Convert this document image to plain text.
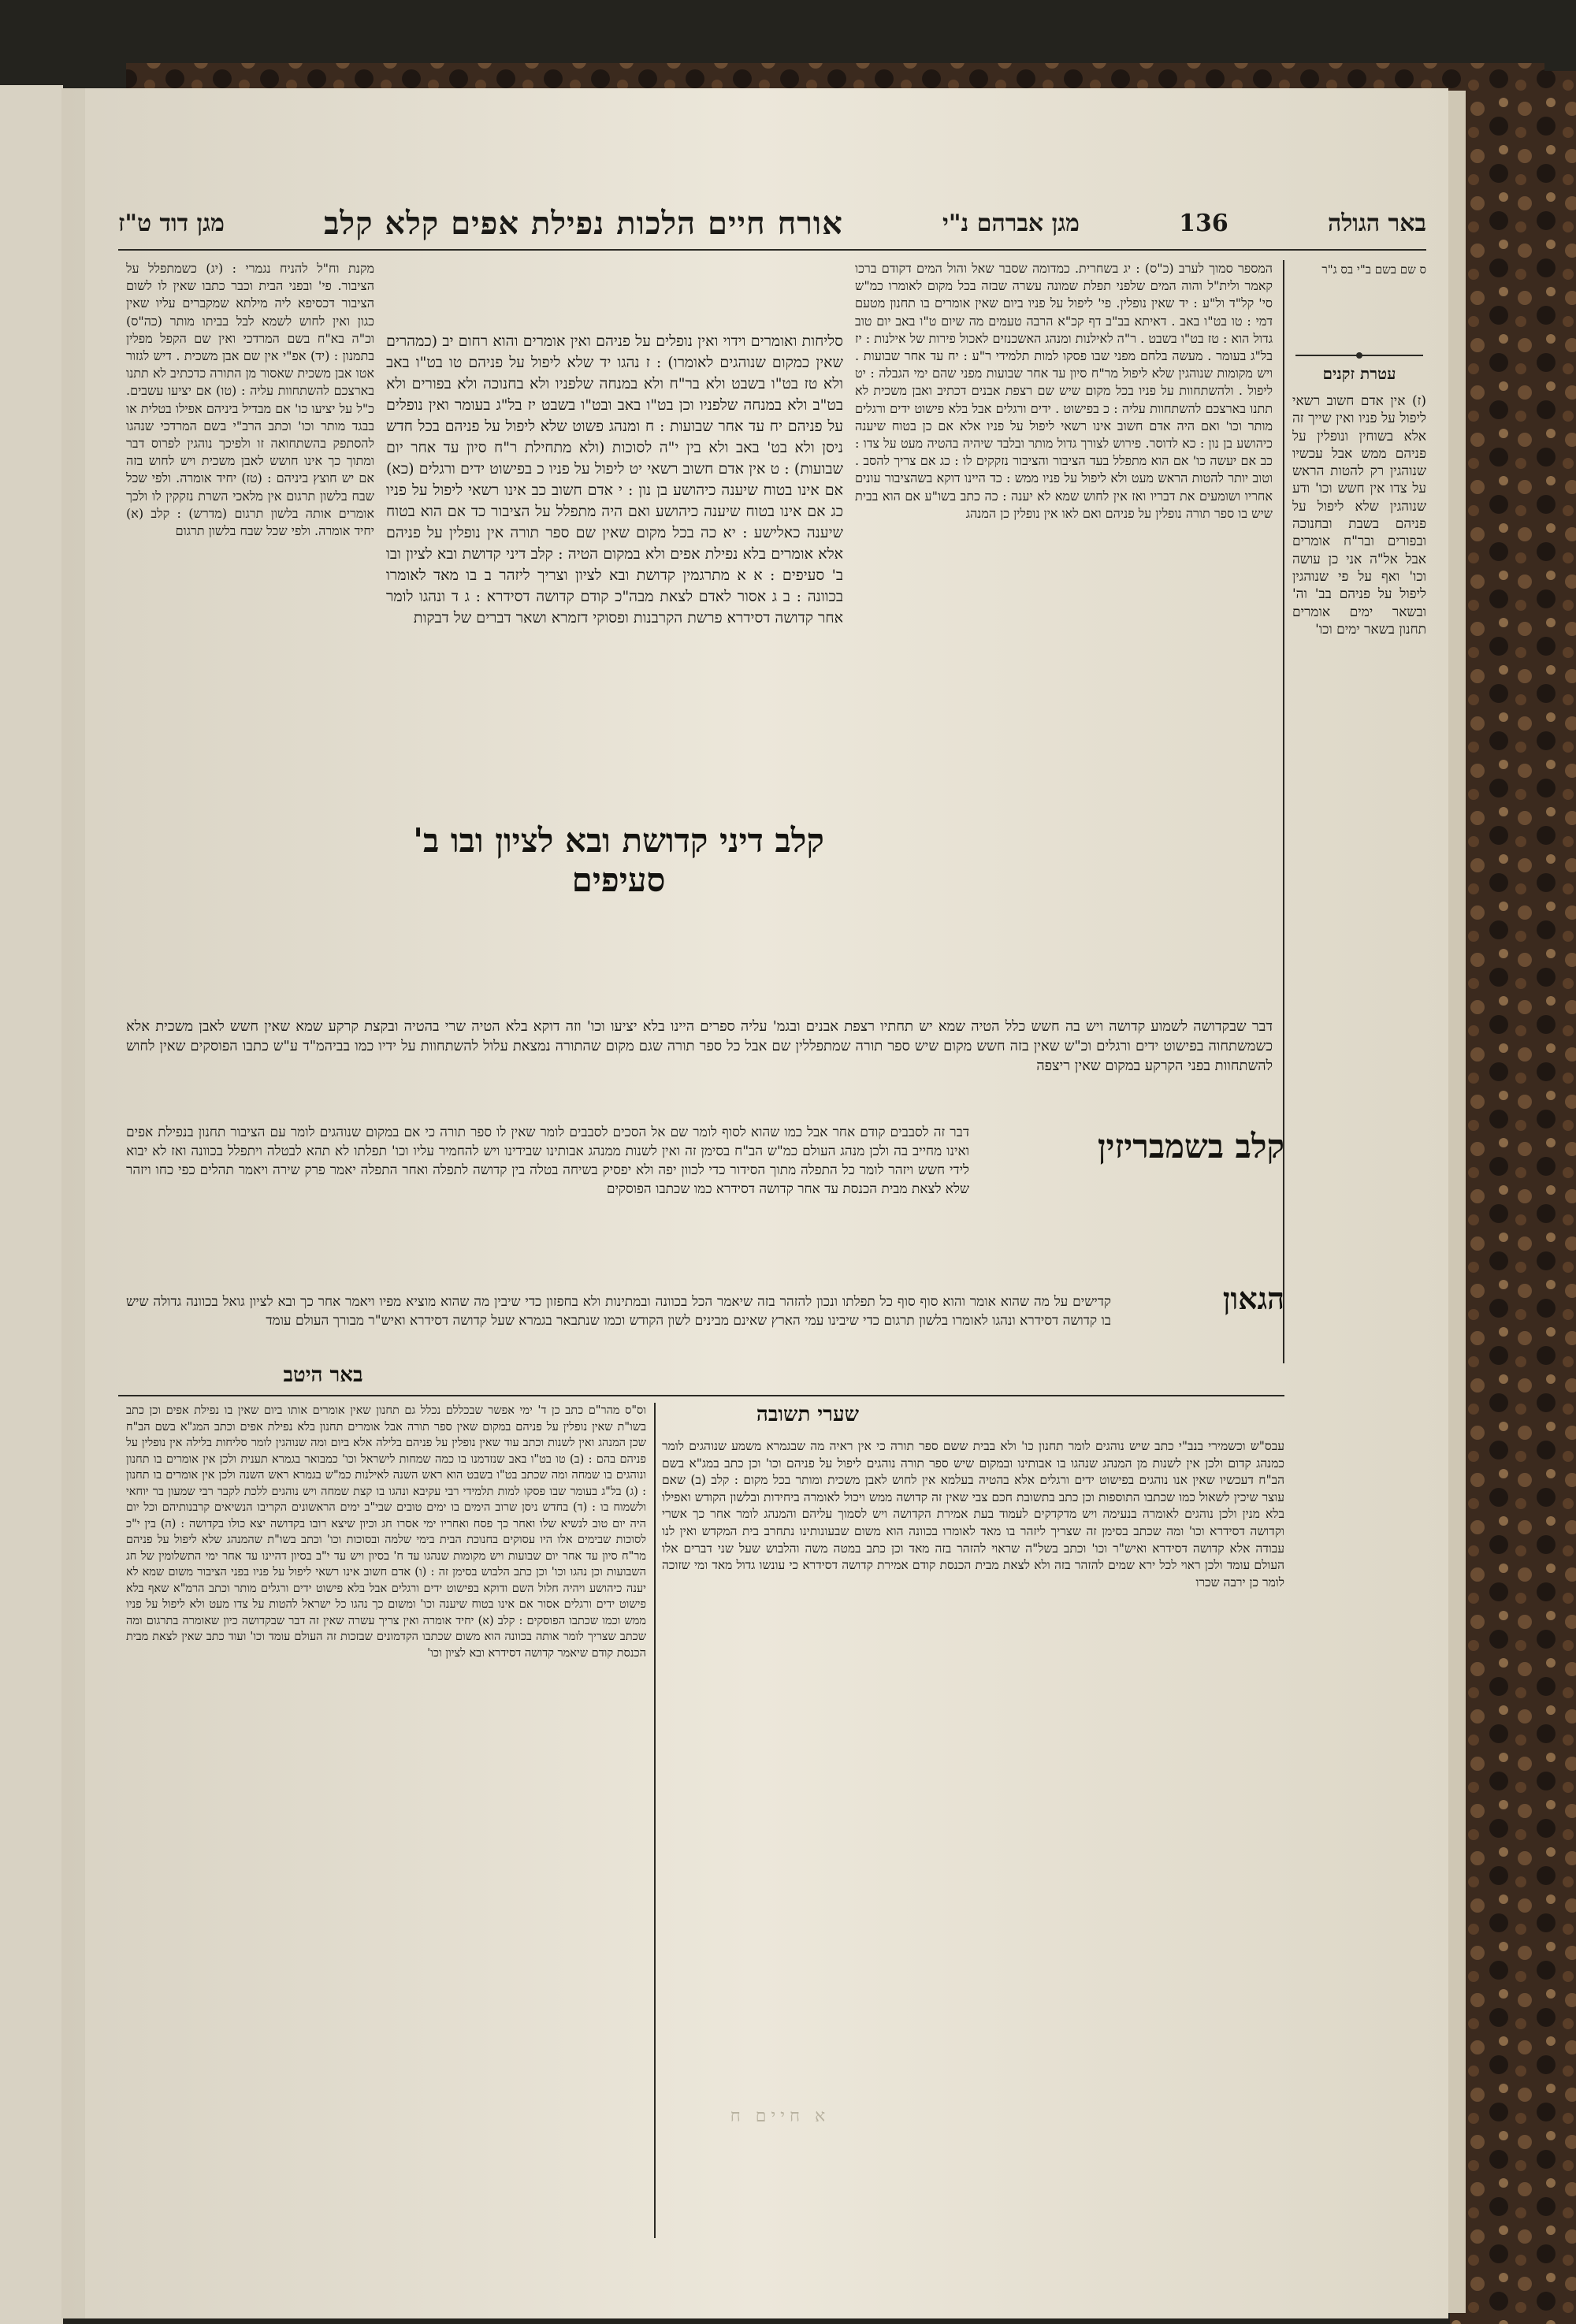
באר הגולה
136
מגן אברהם נ"י
אורח חיים הלכות נפילת אפים קלא קלב
מגן דוד ט"ז
ס שם בשם ב"י בס ג"ר
עטרת זקנים
(ז) אין אדם חשוב רשאי ליפול על פניו ואין שייך זה אלא בשוחין ונופלין על פניהם ממש אבל עכשיו שנוהגין רק להטות הראש על צדו אין חשש וכו' ודע שנוהגין שלא ליפול על פניהם בשבת ובחנוכה ובפורים ובר"ח אומרים אבל אל"ה אני כן עושה וכו' ואף על פי שנוהגין ליפול על פניהם בב' וה' ובשאר ימים אומרים תחנון בשאר ימים וכו'
המספר סמוך לערב (כ"ס) : יג בשחרית. כמדומה שסבר שאל והול המים דקודם ברכו קאמר ולית"ל והוה המים שלפני תפלת שמונה עשרה שבזה בכל מקום לאומרו כמ"ש סי' קל"ד ול"ע : יד שאין נופלין. פי' ליפול על פניו ביום שאין אומרים בו תחנון מטעם דמי : טו בט"ו באב . דאיתא בב"ב דף קכ"א הרבה טעמים מה שיום ט"ו באב יום טוב גדול הוא : טז בט"ו בשבט . ר"ה לאילנות ומנהג האשכנזים לאכול פירות של אילנות : יז בל"ג בעומר . מעשה בלחם מפני שבו פסקו למות תלמידי ר"ע : יח עד אחר שבועות . ויש מקומות שנוהגין שלא ליפול מר"ח סיון עד אחר שבועות מפני שהם ימי הגבלה : יט ליפול . ולהשתחוות על פניו בכל מקום שיש שם רצפת אבנים דכתיב ואבן משכית לא תתנו בארצכם להשתחוות עליה : כ בפישוט . ידים ורגלים אבל בלא פישוט ידים ורגלים מותר וכו' ואם היה אדם חשוב אינו רשאי ליפול על פניו אלא אם כן בטוח שיענה כיהושע בן נון : כא לדוסר. פירוש לצורך גדול מותר ובלבד שיהיה בהטיה מעט על צדו : כב אם יעשה כו' אם הוא מתפלל בעד הציבור והציבור נזקקים לו : כג אם צריך להסב . וטוב יותר להטות הראש מעט ולא ליפול על פניו ממש : כד היינו דוקא בשהציבור עונים אחריו ושומעים את דבריו ואז אין לחוש שמא לא יענה : כה כתב בשו"ע אם הוא בבית שיש בו ספר תורה נופלין על פניהם ואם לאו אין נופלין כן המנהג
סליחות ואומרים וידוי ואין נופלים על פניהם ואין אומרים והוא רחום יב (כמהרים שאין כמקום שנוהגים לאומרו) : ז נהגו יד שלא ליפול על פניהם טו בט"ו באב ולא טז בט"ו בשבט ולא בר"ח ולא במנחה שלפניו ולא בחנוכה ולא בפורים ולא בט"ב ולא במנחה שלפניו וכן בט"ו באב ובט"ו בשבט יז בל"ג בעומר ואין נופלים על פניהם יח עד אחר שבועות : ח ומנהג פשוט שלא ליפול על פניהם בכל חדש ניסן ולא בט' באב ולא בין י"ה לסוכות (ולא מתחילת ר"ח סיון עד אחר יום שבועות) : ט אין אדם חשוב רשאי יט ליפול על פניו כ בפישוט ידים ורגלים (כא) אם אינו בטוח שיענה כיהושע בן נון : י אדם חשוב כב אינו רשאי ליפול על פניו כג אם אינו בטוח שיענה כיהושע ואם היה מתפלל על הציבור כד אם הוא בטוח שיענה כאלישע : יא כה בכל מקום שאין שם ספר תורה אין נופלין על פניהם אלא אומרים בלא נפילת אפים ולא במקום הטיה : קלב דיני קדושת ובא לציון ובו ב' סעיפים : א א מתרגמין קדושת ובא לציון וצריך ליזהר ב בו מאד לאומרו בכוונה : ב ג אסור לאדם לצאת מבה"כ קודם קדושה דסידרא : ג ד ונהגו לומר אחר קדושה דסידרא פרשת הקרבנות ופסוקי דזמרא ושאר דברים של דבקות
מקנת וח"ל להניח נגמרי : (יג) כשמתפלל על הציבור. פי' ובפני הבית וכבר כתבו שאין לו לשום הציבור דכסיפא ליה מילתא שמקברים עליו שאין כגון ואין לחוש לשמא לבל בביתו מותר (כה"ס) וכ"ה בא"ח בשם המרדכי ואין שם הקפל מפלין בתמנון : (יד) אפ"י אין שם אבן משכית . דיש לגזור אטו אבן משכית שאסור מן התורה כדכתיב לא תתנו בארצכם להשתחוות עליה : (טו) אם יציעו עשבים. כ"ל על יציעו כו' אם מבדיל ביניהם אפילו בטלית או בבגד מותר וכו' וכתב הרב"י בשם המרדכי שנהגו להסתפק בהשתחואה זו ולפיכך נוהגין לפרוס דבר ומתוך כך אינו חושש לאבן משכית ויש לחוש בזה אם יש חוצץ ביניהם : (טז) יחיד אומרה. ולפי שכל שבח בלשון תרגום אין מלאכי השרת נזקקין לו ולכך אומרים אותה בלשון תרגום (מדרש) : קלב (א) יחיד אומרה. ולפי שכל שבח בלשון תרגום
קלב דיני קדושת ובא לציון ובו ב' סעיפים
דבר שבקדושה לשמוע קדושה ויש בה חשש כלל הטיה שמא יש תחתיו רצפת אבנים ובגמ' עליה ספרים היינו בלא יציעו וכו' וזה דוקא בלא הטיה שרי בהטיה ובקצת קרקע שמא שאין חשש לאבן משכית אלא כשמשתחוה בפישוט ידים ורגלים וכ"ש שאין בזה חשש מקום שיש ספר תורה שמתפללין שם אבל כל ספר תורה שגם מקום שהתורה נמצאת עלול להשתחוות על ידיו כמו בביהמ"ד ע"ש כתבו הפוסקים שאין לחוש להשתחוות בפני הקרקע במקום שאין ריצפה
קלב בשמבריזין
דבר זה לסבבים קודם אחר אבל כמו שהוא לסוף לומר שם אל הסכים לסבבים לומר שאין לו ספר תורה כי אם במקום שנוהגים לומר עם הציבור תחנון בנפילת אפים ואינו מחייב בה ולכן מנהג העולם כמ"ש הב"ח בסימן זה ואין לשנות ממנהג אבותינו שבידינו ויש להחמיר עליו וכו' תפלתו לא תהא לבטלה ויתפלל בכוונה ואז לא יבוא לידי חשש ויזהר לומר כל התפלה מתוך הסידור כדי לכוון יפה ולא יפסיק בשיחה בטלה בין קדושה לתפלה ואחר התפלה יאמר פרק שירה ויאמר תהלים כפי כחו ויזהר שלא לצאת מבית הכנסת עד אחר קדושה דסידרא כמו שכתבו הפוסקים
הגאון
קדישים על מה שהוא אומר והוא סוף סוף כל תפלתו ונכון להזהר בזה שיאמר הכל בכוונה ובמתינות ולא בחפזון כדי שיבין מה שהוא מוציא מפיו ויאמר אחר כך ובא לציון גואל בכוונה גדולה שיש בו קדושה דסידרא ונהגו לאומרו בלשון תרגום כדי שיבינו עמי הארץ שאינם מבינים לשון הקודש וכמו שנתבאר בגמרא שעל קדושה דסידרא ואיש"ר מבורך העולם עומד
שערי תשובה
באר היטב
עבס"ש וכשמירי בנב"י כתב שיש נוהגים לומר תחנון כו' ולא בבית ששם ספר תורה כי אין ראיה מה שבגמרא משמע שנוהגים לומר כמנהג קדום ולכן אין לשנות מן המנהג שנהגו בו אבותינו ובמקום שיש ספר תורה נוהגים ליפול על פניהם וכו' וכן כתב במג"א בשם הב"ח דעכשיו שאין אנו נוהגים בפישוט ידים ורגלים אלא בהטיה בעלמא אין לחוש לאבן משכית ומותר בכל מקום : קלב (ב) שאם עוצר שיכין לשאול כמו שכתבו התוספות וכן כתב בתשובת חכם צבי שאין זה קדושה ממש ויכול לאומרה ביחידות ובלשון הקודש ואפילו בלא מנין ולכן נוהגים לאומרה בנעימה ויש מדקדקים לעמוד בעת אמירת הקדושה ויש לסמוך עליהם והמנהג לומר אחר כך אשרי וקדושה דסידרא וכו' ומה שכתב בסימן זה שצריך ליזהר בו מאד לאומרו בכוונה הוא משום שבעונותינו נתחרב בית המקדש ואין לנו עבודה אלא קדושה דסידרא ואיש"ר וכו' וכתב בשל"ה שראוי להזהר בזה מאד וכן כתב במטה משה והלבוש שעל שני דברים אלו העולם עומד ולכן ראוי לכל ירא שמים להזהר בזה ולא לצאת מבית הכנסת קודם אמירת קדושה דסידרא כי עונשו גדול מאד ומי שזוכה לומר כן ירבה שכרו
וס"ס מהר"ם כתב כן ד' ימי אפשר שבכללם נכלל גם תחנון שאין אומרים אותו ביום שאין בו נפילת אפים וכן כתב בשו"ת שאין נופלין על פניהם במקום שאין ספר תורה אבל אומרים תחנון בלא נפילת אפים וכתב המג"א בשם הב"ח שכן המנהג ואין לשנות וכתב עוד שאין נופלין על פניהם בלילה אלא ביום ומה שנוהגין לומר סליחות בלילה אין נופלין על פניהם בהם : (ב) טו בט"ו באב שנזדמנו בו כמה שמחות לישראל וכו' כמבואר בגמרא תענית ולכן אין אומרים בו תחנון ונוהגים בו שמחה ומה שכתב בט"ו בשבט הוא ראש השנה לאילנות כמ"ש בגמרא ראש השנה ולכן אין אומרים בו תחנון : (ג) בל"ג בעומר שבו פסקו למות תלמידי רבי עקיבא ונהגו בו קצת שמחה ויש נוהגים ללכת לקבר רבי שמעון בר יוחאי ולשמוח בו : (ד) בחדש ניסן שרוב הימים בו ימים טובים שבי"ב ימים הראשונים הקריבו הנשיאים קרבנותיהם וכל יום היה יום טוב לנשיא שלו ואחר כך פסח ואחריו ימי אסרו חג וכיון שיצא רובו בקדושה יצא כולו בקדושה : (ה) בין י"כ לסוכות שבימים אלו היו עסוקים בחנוכת הבית בימי שלמה ובסוכות וכו' וכתב בשו"ת שהמנהג שלא ליפול על פניהם מר"ח סיון עד אחר יום שבועות ויש מקומות שנהגו עד ח' בסיון ויש עד י"ב בסיון דהיינו עד אחר ימי התשלומין של חג השבועות וכן נהגו וכו' וכן כתב הלבוש בסימן זה : (ו) אדם חשוב אינו רשאי ליפול על פניו בפני הציבור משום שמא לא יענה כיהושע ויהיה חלול השם ודוקא בפישוט ידים ורגלים אבל בלא פישוט ידים ורגלים מותר וכתב הרמ"א שאף בלא פישוט ידים ורגלים אסור אם אינו בטוח שיענה וכו' ומשום כך נהגו כל ישראל להטות על צדו מעט ולא ליפול על פניו ממש וכמו שכתבו הפוסקים : קלב (א) יחיד אומרה ואין צריך עשרה שאין זה דבר שבקדושה כיון שאומרה בתרגום ומה שכתב שצריך לומר אותה בכוונה הוא משום שכתבו הקדמונים שבזכות זה העולם עומד וכו' ועוד כתב שאין לצאת מבית הכנסת קודם שיאמר קדושה דסידרא ובא לציון וכו'
א חיים ח
